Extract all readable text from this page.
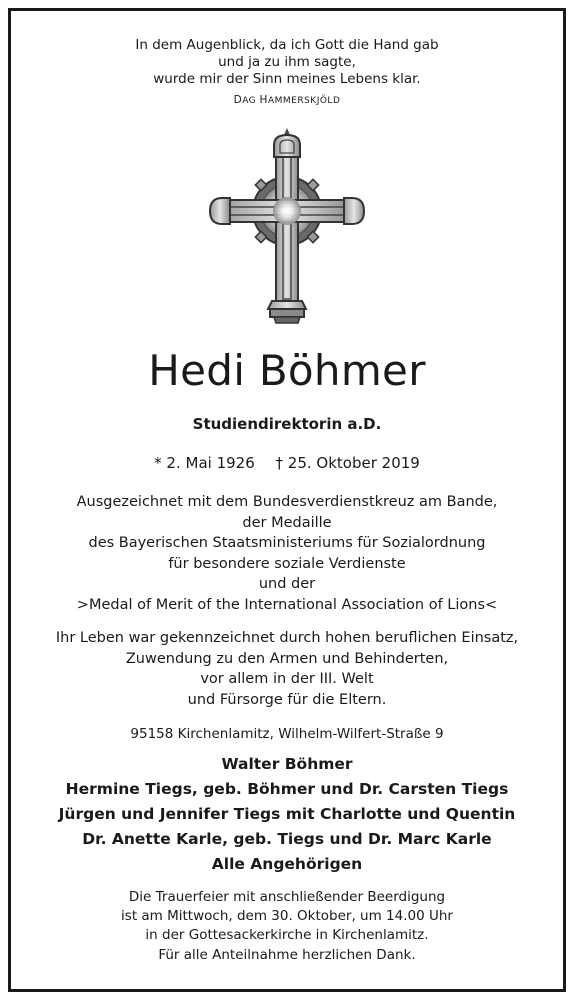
In dem Augenblick, da ich Gott die Hand gab
und ja zu ihm sagte,
wurde mir der Sinn meines Lebens klar.
DAG HAMMERSKJÖLD
Hedi Böhmer
Studiendirektorin a.D.
* 2. Mai 1926 † 25. Oktober 2019
Ausgezeichnet mit dem Bundesverdienstkreuz am Bande,
der Medaille
des Bayerischen Staatsministeriums für Sozialordnung
für besondere soziale Verdienste
und der
>Medal of Merit of the International Association of Lions<
Ihr Leben war gekennzeichnet durch hohen beruflichen Einsatz,
Zuwendung zu den Armen und Behinderten,
vor allem in der III. Welt
und Fürsorge für die Eltern.
95158 Kirchenlamitz, Wilhelm-Wilfert-Straße 9
Walter Böhmer
Hermine Tiegs, geb. Böhmer und Dr. Carsten Tiegs
Jürgen und Jennifer Tiegs mit Charlotte und Quentin
Dr. Anette Karle, geb. Tiegs und Dr. Marc Karle
Alle Angehörigen
Die Trauerfeier mit anschließender Beerdigung
ist am Mittwoch, dem 30. Oktober, um 14.00 Uhr
in der Gottesackerkirche in Kirchenlamitz.
Für alle Anteilnahme herzlichen Dank.
